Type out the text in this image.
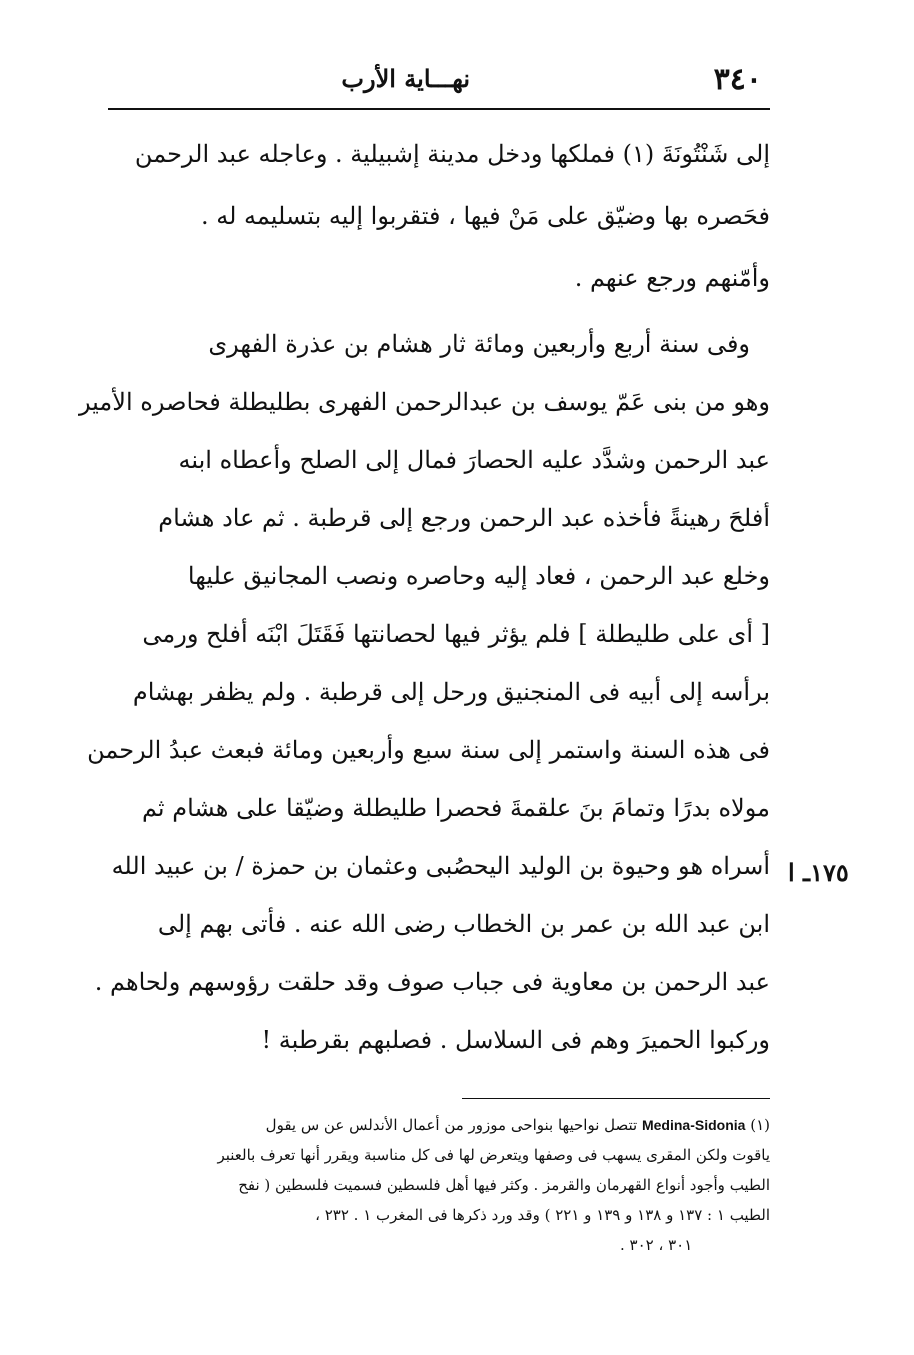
٣٤٠
نهـــاية الأرب
إلى شَنْتُونَةَ (١) فملكها ودخل مدينة إشبيلية . وعاجله عبد الرحمن
فحَصره بها وضيّق على مَنْ فيها ، فتقربوا إليه بتسليمه له .
وأمّنهم ورجع عنهم .
وفى سنة أربع وأربعين ومائة ثار هشام بن عذرة الفهرى
وهو من بنى عَمّ يوسف بن عبدالرحمن الفهرى بطليطلة فحاصره الأمير
عبد الرحمن وشدَّد عليه الحصارَ فمال إلى الصلح وأعطاه ابنه
أفلحَ رهينةً فأخذه عبد الرحمن ورجع إلى قرطبة . ثم عاد هشام
وخلع عبد الرحمن ، فعاد إليه وحاصره ونصب المجانيق عليها
[ أى على طليطلة ] فلم يؤثر فيها لحصانتها فَقَتَلَ ابْنَه أفلح ورمى
برأسه إلى أبيه فى المنجنيق ورحل إلى قرطبة . ولم يظفر بهشام
فى هذه السنة واستمر إلى سنة سبع وأربعين ومائة فبعث عبدُ الرحمن
مولاه بدرًا وتمامَ بنَ علقمةَ فحصرا طليطلة وضيّقا على هشام ثم
أسراه هو وحيوة بن الوليد اليحصُبى وعثمان بن حمزة / بن عبيد الله
ابن عبد الله بن عمر بن الخطاب رضى الله عنه . فأتى بهم إلى
عبد الرحمن بن معاوية فى جباب صوف وقد حلقت رؤوسهم ولحاهم .
وركبوا الحميرَ وهم فى السلاسل . فصلبهم بقرطبة !
١٧٥ـ ا
(١) Medina-Sidonia تتصل نواحيها بنواحى موزور من أعمال الأندلس عن س يقول
ياقوت ولكن المقرى يسهب فى وصفها ويتعرض لها فى كل مناسبة ويقرر أنها تعرف بالعنبر
الطيب وأجود أنواع القهرمان والقرمز . وكثر فيها أهل فلسطين فسميت فلسطين ( نفح
الطيب ١ : ١٣٧ و ١٣٨ و ١٣٩ و ٢٢١ ) وقد ورد ذكرها فى المغرب ١ . ٢٣٢ ،
٣٠١ ، ٣٠٢ .
